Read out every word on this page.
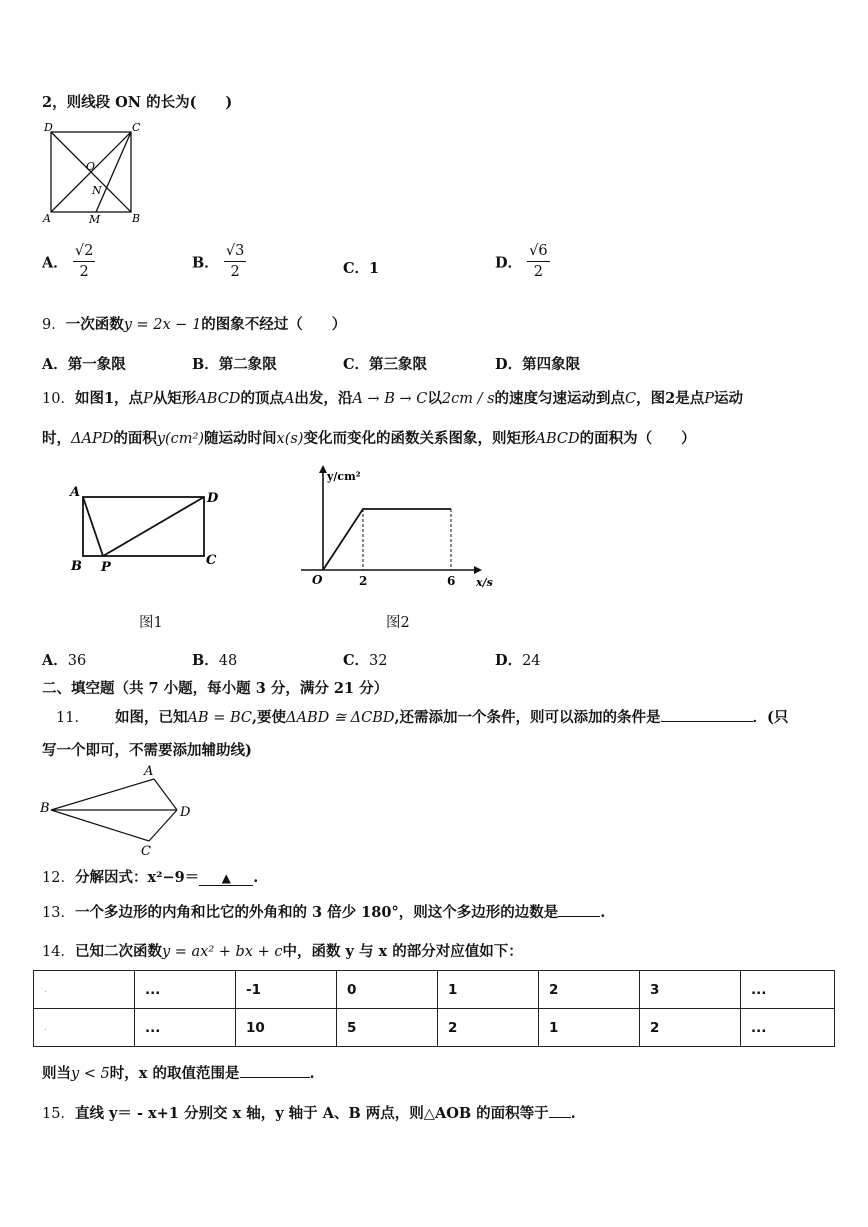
2，则线段 ON 的长为(　　)
D	C
O
N
A	M	B
A． $\frac{√2}{2}$	B． $\frac{√3}{2}$	C．1	D． $\frac{√6}{2}$
9．一次函数y = 2x − 1的图象不经过（　　）
A．第一象限	B．第二象限	C．第三象限	D．第四象限
10．如图1，点P从矩形ABCD的顶点A出发，沿A → B → C以2cm / s的速度匀速运动到点C，图2是点P运动
时，ΔAPD的面积y(cm²)随运动时间x(s)变化而变化的函数关系图象，则矩形ABCD的面积为（　　）
A	D
B P	C
y/cm²
O	2	6 x/s
图1	图2
A．36	B．48	C．32	D．24
二、填空题（共 7 小题，每小题 3 分，满分 21 分）
11． 如图，已知AB = BC,要使ΔABD ≅ ΔCBD,还需添加一个条件，则可以添加的条件是	．(只
写一个即可，不需要添加辅助线)
A
B	D
C
12．分解因式：x²−9＝ ▲ .
13．一个多边形的内角和比它的外角和的 3 倍少 180°，则这个多边形的边数是	.
14．已知二次函数y = ax² + bx + c中，函数 y 与 x 的部分对应值如下：
.	...	-1	0	1	2	3	...
.	...	10	5	2	1	2	...
则当y < 5时，x 的取值范围是	.
15．直线 y＝ - x+1 分别交 x 轴，y 轴于 A、B 两点，则△AOB 的面积等于 .
